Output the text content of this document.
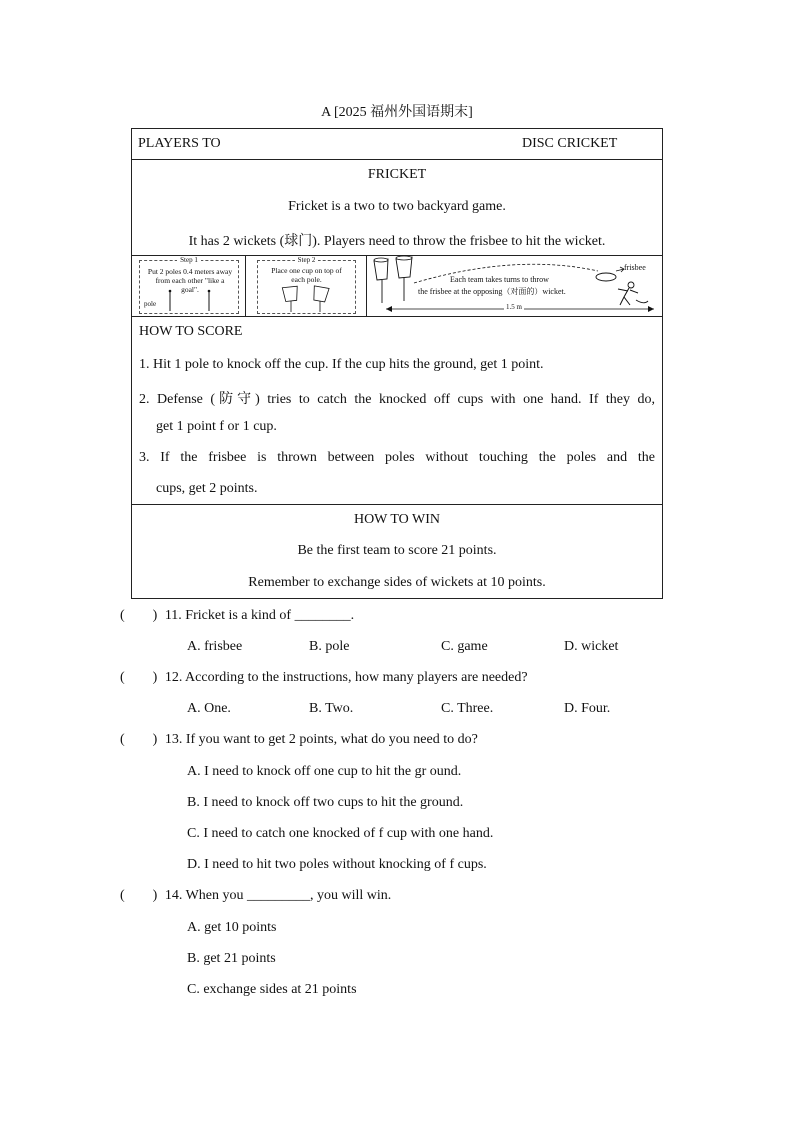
A [2025 福州外国语期末]
PLAYERS TO	DISC CRICKET
FRICKET
Fricket is a two to two backyard game.
It has 2 wickets (球门). Players need to throw the frisbee to hit the wicket.
Step 1
Put 2 poles 0.4 meters away from each other "like a goal".
pole
Step 2
Place one cup on top of each pole.	Each team takes turns to throw
the frisbee at the opposing（对面的）wicket.
frisbee
1.5 m
HOW TO SCORE
1. Hit 1 pole to knock off the cup. If the cup hits the ground, get 1 point.
2. Defense (防守) tries to catch the knocked off cups with one hand. If they do,
get 1 point f or 1 cup.
3. If the frisbee is thrown between poles without touching the poles and the
cups, get 2 points.
HOW TO WIN
Be the first team to score 21 points.
Remember to exchange sides of wickets at 10 points.
(        ) 11. Fricket is a kind of ________.
A. frisbee	B. pole	C. game	D. wicket
(        ) 12. According to the instructions, how many players are needed?
A. One.	B. Two.	C. Three.	D. Four.
(        ) 13. If you want to get 2 points, what do you need to do?
A. I need to knock off one cup to hit the gr ound.
B. I need to knock off two cups to hit the ground.
C. I need to catch one knocked of f cup with one hand.
D. I need to hit two poles without knocking of f cups.
(        ) 14. When you _________, you will win.
A. get 10 points
B. get 21 points
C. exchange sides at 21 points
